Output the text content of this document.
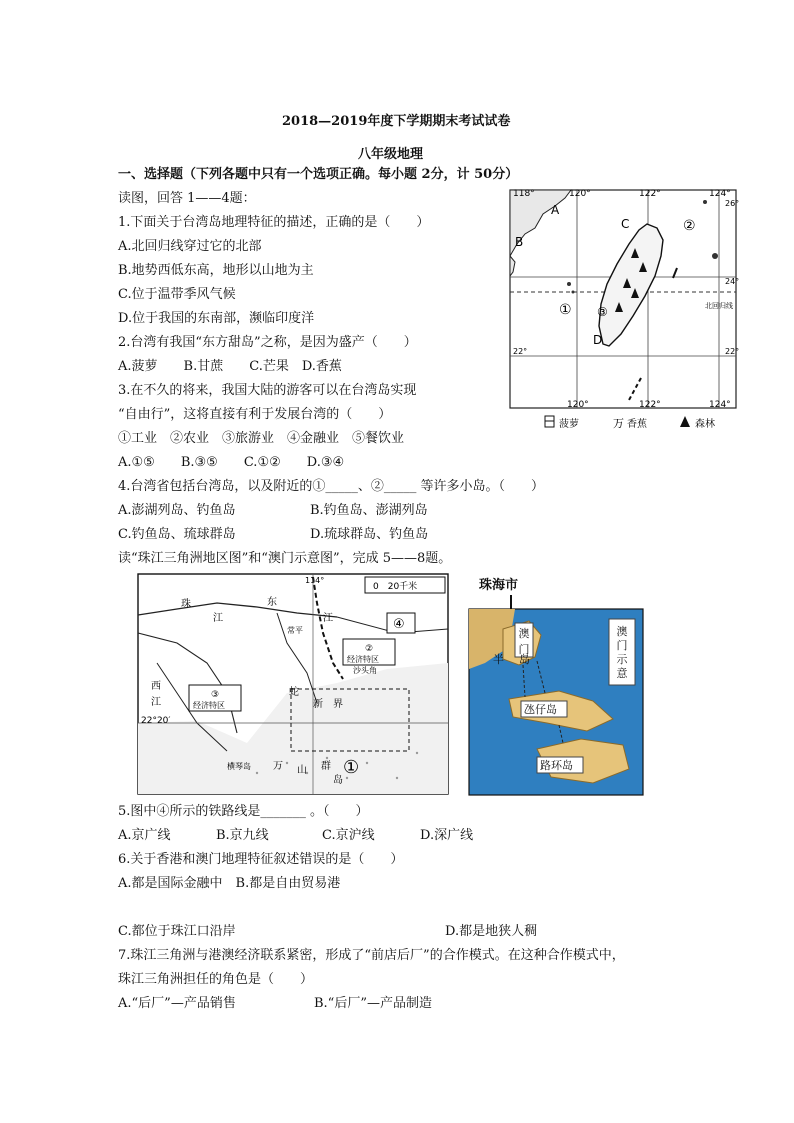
2018—2019年度下学期期末考试试卷
八年级地理
一、选择题（下列各题中只有一个选项正确。每小题 2分，计 50分）
读图，回答 1——4题：
1.下面关于台湾岛地理特征的描述，正确的是（　　）
A.北回归线穿过它的北部
B.地势西低东高，地形以山地为主
C.位于温带季风气候
D.位于我国的东南部，濒临印度洋
2.台湾有我国“东方甜岛”之称，是因为盛产（　　）
A.菠萝　　B.甘蔗　　C.芒果　D.香蕉
3.在不久的将来，我国大陆的游客可以在台湾岛实现
“自由行”，这将直接有利于发展台湾的（　　）
①工业　②农业　③旅游业　④金融业　⑤餐饮业
A.①⑤　　B.③⑤　　C.①②　　D.③④
4.台湾省包括台湾岛，以及附近的①_____、②_____ 等许多小岛。（　　）
A.澎湖列岛、钓鱼岛	B.钓鱼岛、澎湖列岛
C.钓鱼岛、琉球群岛	D.琉球群岛、钓鱼岛
读“珠江三角洲地区图”和“澳门示意图”，完成 5——8题。
118°	120°	122°	124°
120°	122°	124°
26°
24°
22°	22°
北回归线
A
B
C
D
①
②
③
菠萝	万 香蕉	森林
0　20千米
114°
22°20′
②
经济特区
③
经济特区
④
①
珠
江
东
江
常平
西
江
蛇
新 界
沙头角
横琴岛 万 山 群
岛
珠海市
澳
门
半 岛
澳门半岛
澳
门
示
意
澳门示意图
氹仔岛
路环岛
5.图中④所示的铁路线是_______ 。（　　）
A.京广线	B.京九线	C.京沪线	D.深广线
6.关于香港和澳门地理特征叙述错误的是（　　）
A.都是国际金融中　B.都是自由贸易港
C.都位于珠江口沿岸	D.都是地狭人稠
7.珠江三角洲与港澳经济联系紧密，形成了“前店后厂”的合作模式。在这种合作模式中，
珠江三角洲担任的角色是（　　）
A.“后厂”—产品销售	B.“后厂”—产品制造
